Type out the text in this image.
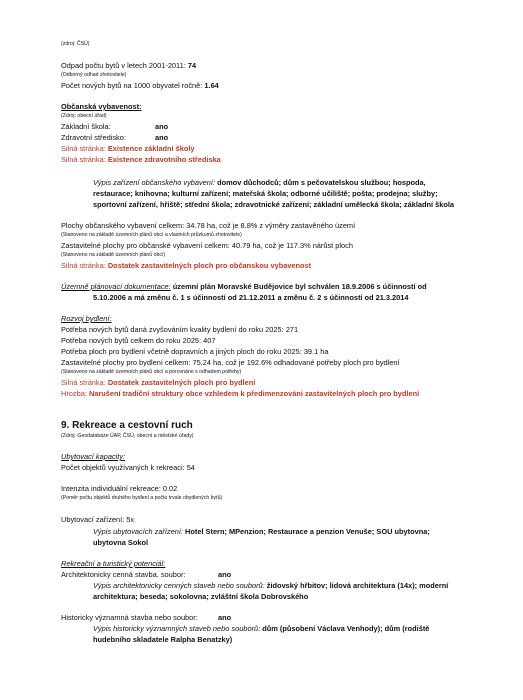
(zdroj: ČSÚ)
Odpad počtu bytů v letech 2001-2011: 74
(Odborný odhad zhotovitele)
Počet nových bytů na 1000 obyvatel ročně: 1.64
Občanská vybavenost:
(Zdroj: obecní úřad)
Základní škola:	ano
Zdravotní středisko:	ano
Silná stránka: Existence základní školy
Silná stránka: Existence zdravotního střediska
Výpis zařízení občanského vybavení: domov důchodců; dům s pečovatelskou službou; hospoda,
restaurace; knihovna; kulturní zařízení; mateřská škola; odborné učiliště; pošta; prodejna; služby;
sportovní zařízení, hřiště; střední škola; zdravotnické zařízení; základní umělecká škola; základní škola
Plochy občanského vybavení celkem: 34.78 ha, což je 8.8% z výměry zastavěného území
(Stanoveno na základě územních plánů obcí a vlastních průzkumů zhotovitele)
Zastavitelné plochy pro občanské vybavení celkem: 40.79 ha, což je 117.3% nárůst ploch
(Stanoveno na základě územních plánů obcí)
Silná stránka: Dostatek zastavitelných ploch pro občanskou vybavenost
Územně plánovací dokumentace: územní plán Moravské Budějovice byl schválen 18.9.2006 s účinností od
5.10.2006 a má změnu č. 1 s účinností od 21.12.2011 a změnu č. 2 s účinností od 21.3.2014
Rozvoj bydlení:
Potřeba nových bytů daná zvyšováním kvality bydlení do roku 2025: 271
Potřeba nových bytů celkem do roku 2025: 407
Potřeba ploch pro bydlení včetně dopravních a jiných ploch do roku 2025: 39.1 ha
Zastavitelné plochy pro bydlení celkem: 75.24 ha, což je 192.6% odhadované potřeby ploch pro bydlení
(Stanoveno na základě územních plánů obcí a porovnáno s odhadem potřeby)
Silná stránka: Dostatek zastavitelných ploch pro bydlení
Hrozba: Narušení tradiční struktury obce vzhledem k předimenzování zastavitelných ploch pro bydlení
9. Rekreace a cestovní ruch
(Zdroj: Geodatabáze ÚAP, ČSÚ, obecní a městské úřady)
Ubytovací kapacity:
Počet objektů využívaných k rekreaci: 54
Intenzita individuální rekreace: 0.02
(Poměr počtu objektů druhého bydlení a počtu trvale obydlených bytů)
Ubytovací zařízení: 5x
Výpis ubytovacích zařízení: Hotel Stern; MPenzion; Restaurace a penzion Venuše; SOU ubytovna;
ubytovna Sokol
Rekreační a turistický potenciál:
Architektonicky cenná stavba, soubor:	ano
Výpis architektonicky cenných staveb nebo souborů: židovský hřbitov; lidová architektura (14x); moderní
architektura; beseda; sokolovna; zvláštní škola Dobrovského
Historicky významná stavba nebo soubor:	ano
Výpis historicky významných staveb nebo souborů: dům (působení Václava Venhody); dům (rodiště
hudebního skladatele Ralpha Benatzky)
